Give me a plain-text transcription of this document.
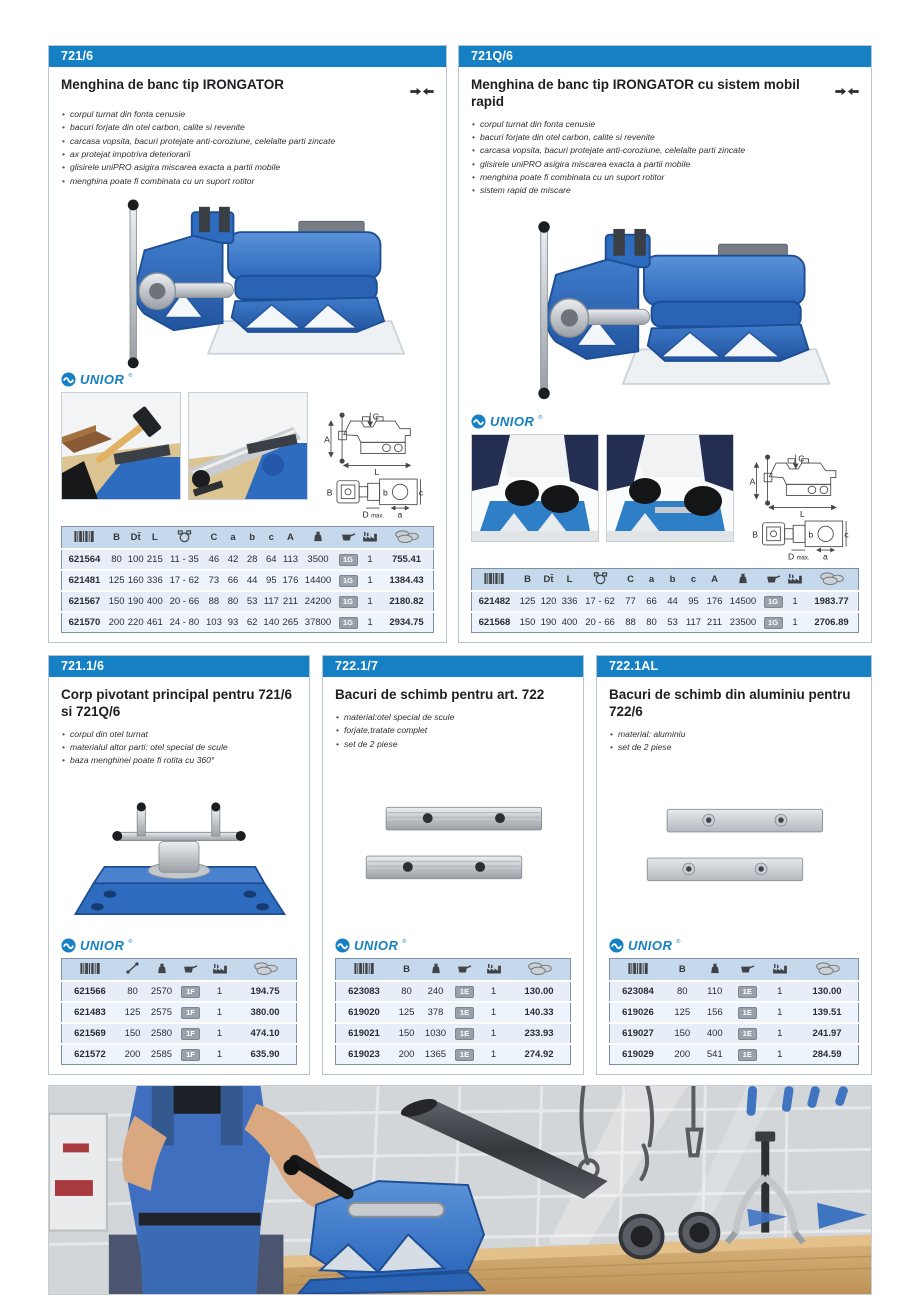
721/6
Menghina de banc tip IRONGATOR
• corpul turnat din fonta cenusie
• bacuri forjate din otel carbon, calite si revenite
• carcasa vopsita, bacuri protejate anti-coroziune, celelalte parti zincate
• ax protejat impotriva deteriorarii
• glisirele uniPRO asigira miscarea exacta a partii mobile
• menghina poate fi combinata cu un suport rotitor
UNIOR ®
A
C
L
B	b	c
D max. a
	B	Dt̄	L		C	a	b	c	A				
621564	80	100	215	11 - 35	46	42	28	64	113	3500	1G	1	755.41
621481	125	160	336	17 - 62	73	66	44	95	176	14400	1G	1	1384.43
621567	150	190	400	20 - 66	88	80	53	117	211	24200	1G	1	2180.82
621570	200	220	461	24 - 80	103	93	62	140	265	37800	1G	1	2934.75
721Q/6
Menghina de banc tip IRONGATOR cu sistem mobil rapid
• corpul turnat din fonta cenusie
• bacuri forjate din otel carbon, calite si revenite
• carcasa vopsita, bacuri protejate anti-coroziune, celelalte parti zincate
• glisirele uniPRO asigira miscarea exacta a partii mobile
• menghina poate fi combinata cu un suport rotitor
• sistem rapid de miscare
UNIOR ®
A
C
L
B	b	c
D max. a
	B	Dt̄	L		C	a	b	c	A				
621482	125	120	336	17 - 62	77	66	44	95	176	14500	1G	1	1983.77
621568	150	190	400	20 - 66	88	80	53	117	211	23500	1G	1	2706.89
721.1/6
Corp pivotant principal pentru 721/6 si 721Q/6
• corpul din otel turnat
• materialul altor parti: otel special de scule
• baza menghinei poate fi rotita cu 360°
UNIOR ®

621566	80	2570	1F	1	194.75
621483	125	2575	1F	1	380.00
621569	150	2580	1F	1	474.10
621572	200	2585	1F	1	635.90
722.1/7
Bacuri de schimb pentru art. 722
• material:otel special de scule
• forjate,tratate complet
• set de 2 piese
UNIOR ®
	B				
623083	80	240	1E	1	130.00
619020	125	378	1E	1	140.33
619021	150	1030	1E	1	233.93
619023	200	1365	1E	1	274.92
722.1AL
Bacuri de schimb din aluminiu pentru 722/6
• material: aluminiu
• set de 2 piese
UNIOR ®
	B				
623084	80	110	1E	1	130.00
619026	125	156	1E	1	139.51
619027	150	400	1E	1	241.97
619029	200	541	1E	1	284.59
